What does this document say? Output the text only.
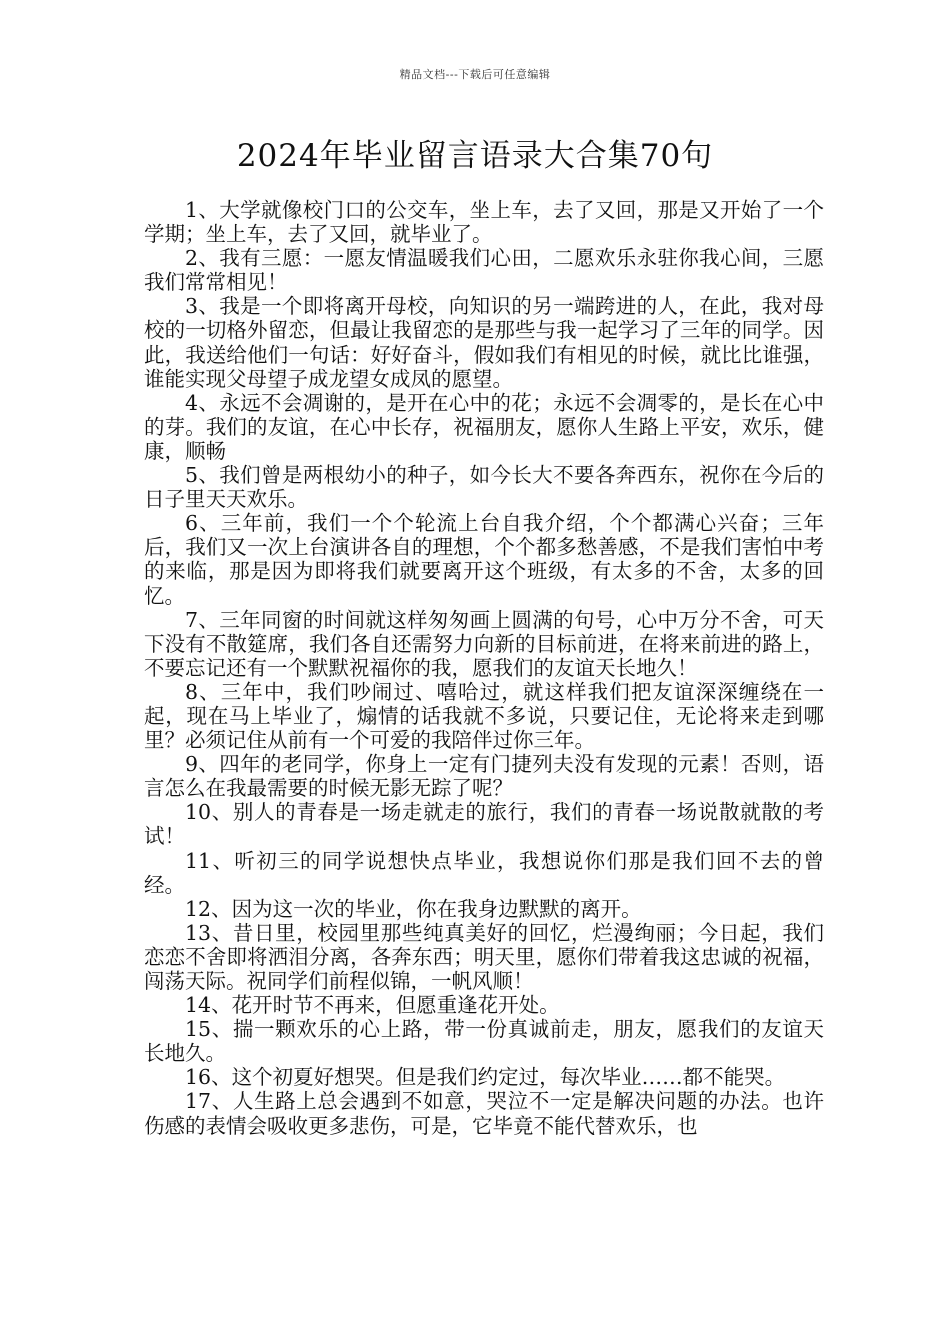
精品文档---下载后可任意编辑
2024年毕业留言语录大合集70句

1、大学就像校门口的公交车，坐上车，去了又回，那是又开始了一个学期；坐上车，去了又回，就毕业了。

2、我有三愿：一愿友情温暖我们心田，二愿欢乐永驻你我心间，三愿我们常常相见！

3、我是一个即将离开母校，向知识的另一端跨进的人，在此，我对母校的一切格外留恋，但最让我留恋的是那些与我一起学习了三年的同学。因此，我送给他们一句话：好好奋斗，假如我们有相见的时候，就比比谁强，谁能实现父母望子成龙望女成凤的愿望。

4、永远不会凋谢的，是开在心中的花；永远不会凋零的，是长在心中的芽。我们的友谊，在心中长存，祝福朋友，愿你人生路上平安，欢乐，健康，顺畅

5、我们曾是两根幼小的种子，如今长大不要各奔西东，祝你在今后的日子里天天欢乐。

6、三年前，我们一个个轮流上台自我介绍，个个都满心兴奋；三年后，我们又一次上台演讲各自的理想，个个都多愁善感，不是我们害怕中考的来临，那是因为即将我们就要离开这个班级，有太多的不舍，太多的回忆。

7、三年同窗的时间就这样匆匆画上圆满的句号，心中万分不舍，可天下没有不散筵席，我们各自还需努力向新的目标前进，在将来前进的路上，不要忘记还有一个默默祝福你的我，愿我们的友谊天长地久！

8、三年中，我们吵闹过、嘻哈过，就这样我们把友谊深深缠绕在一起，现在马上毕业了，煽情的话我就不多说，只要记住，无论将来走到哪里？必须记住从前有一个可爱的我陪伴过你三年。

9、四年的老同学，你身上一定有门捷列夫没有发现的元素！否则，语言怎么在我最需要的时候无影无踪了呢？

10、别人的青春是一场走就走的旅行，我们的青春一场说散就散的考试！

11、听初三的同学说想快点毕业，我想说你们那是我们回不去的曾经。

12、因为这一次的毕业，你在我身边默默的离开。

13、昔日里，校园里那些纯真美好的回忆，烂漫绚丽；今日起，我们恋恋不舍即将洒泪分离，各奔东西；明天里，愿你们带着我这忠诚的祝福，闯荡天际。祝同学们前程似锦，一帆风顺！

14、花开时节不再来，但愿重逢花开处。

15、揣一颗欢乐的心上路，带一份真诚前走，朋友，愿我们的友谊天长地久。

16、这个初夏好想哭。但是我们约定过，每次毕业……都不能哭。

17、人生路上总会遇到不如意，哭泣不一定是解决问题的办法。也许伤感的表情会吸收更多悲伤，可是，它毕竟不能代替欢乐，也
